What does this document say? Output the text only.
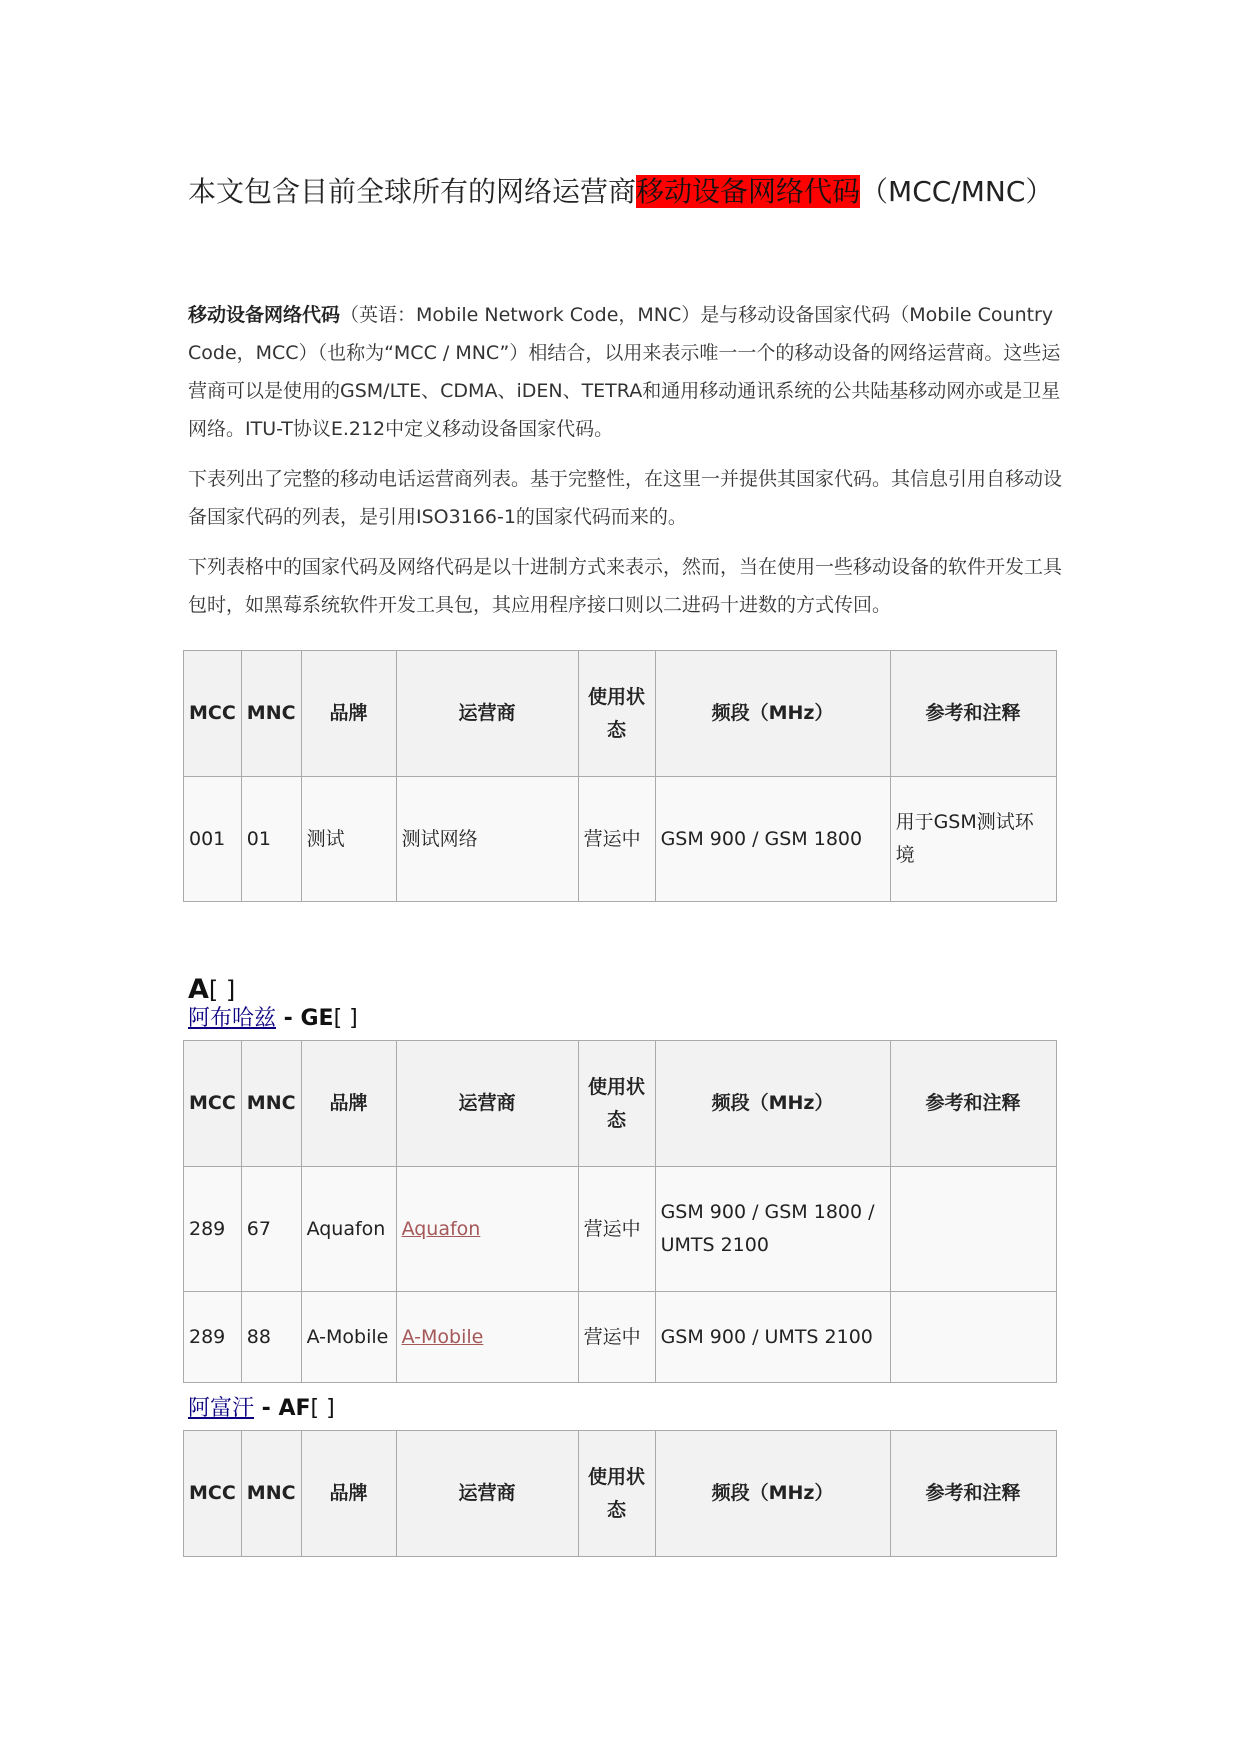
本文包含目前全球所有的网络运营商移动设备网络代码（MCC/MNC）

移动设备网络代码（英语：Mobile Network Code，MNC）是与移动设备国家代码（Mobile Country Code，MCC）（也称为“MCC / MNC”）相结合，以用来表示唯一一个的移动设备的网络运营商。这些运营商可以是使用的GSM/LTE、CDMA、iDEN、TETRA和通用移动通讯系统的公共陆基移动网亦或是卫星网络。ITU-T协议E.212中定义移动设备国家代码。

下表列出了完整的移动电话运营商列表。基于完整性，在这里一并提供其国家代码。其信息引用自移动设备国家代码的列表，是引用ISO3166-1的国家代码而来的。

下列表格中的国家代码及网络代码是以十进制方式来表示，然而，当在使用一些移动设备的软件开发工具包时，如黑莓系统软件开发工具包，其应用程序接口则以二进码十进数的方式传回。

MCC	MNC	品牌	运营商	使用状态	频段（MHz）	参考和注释
001	01	测试	测试网络	营运中	GSM 900 / GSM 1800	用于GSM测试环境
A[ ]
阿布哈兹 - GE[ ]
MCC	MNC	品牌	运营商	使用状态	频段（MHz）	参考和注释
289	67	Aquafon	Aquafon	营运中	GSM 900 / GSM 1800 / UMTS 2100	
289	88	A-Mobile	A-Mobile	营运中	GSM 900 / UMTS 2100	
阿富汗 - AF[ ]
MCC	MNC	品牌	运营商	使用状态	频段（MHz）	参考和注释
